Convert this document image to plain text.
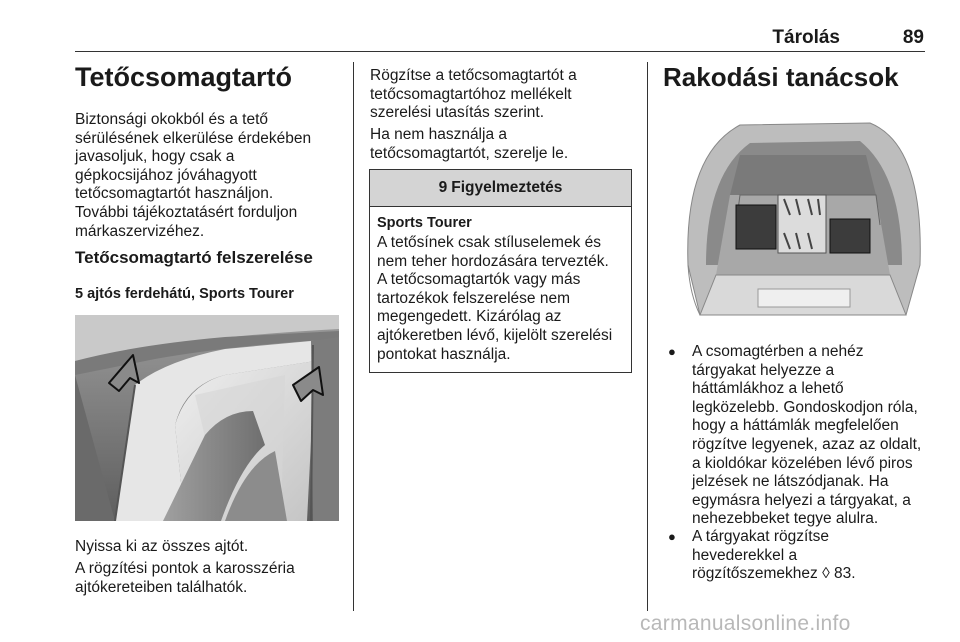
Tárolás	89
Tetőcsomagtartó
Biztonsági okokból és a tető
sérülésének elkerülése érdekében
javasoljuk, hogy csak a
gépkocsijához jóváhagyott
tetőcsomagtartót használjon.
További tájékoztatásért forduljon
márkaszervizéhez.
Tetőcsomagtartó felszerelése
5 ajtós ferdehátú, Sports Tourer
Nyissa ki az összes ajtót.
A rögzítési pontok a karosszéria
ajtókereteiben találhatók.
Rögzítse a tetőcsomagtartót a
tetőcsomagtartóhoz mellékelt
szerelési utasítás szerint.
Ha nem használja a
tetőcsomagtartót, szerelje le.
9 Figyelmeztetés
Sports Tourer
A tetősínek csak stíluselemek és
nem teher hordozására tervezték.
A tetőcsomagtartók vagy más
tartozékok felszerelése nem
megengedett. Kizárólag az
ajtókeretben lévő, kijelölt szerelési
pontokat használja.
Rakodási tanácsok
●	A csomagtérben a nehéz
tárgyakat helyezze a
háttámlákhoz a lehető
legközelebb. Gondoskodjon róla,
hogy a háttámlák megfelelően
rögzítve legyenek, azaz az oldalt,
a kioldókar közelében lévő piros
jelzések ne látszódjanak. Ha
egymásra helyezi a tárgyakat, a
nehezebbeket tegye alulra.
●	A tárgyakat rögzítse
hevederekkel a
rögzítőszemekhez ◊ 83.
carmanualsonline.info
